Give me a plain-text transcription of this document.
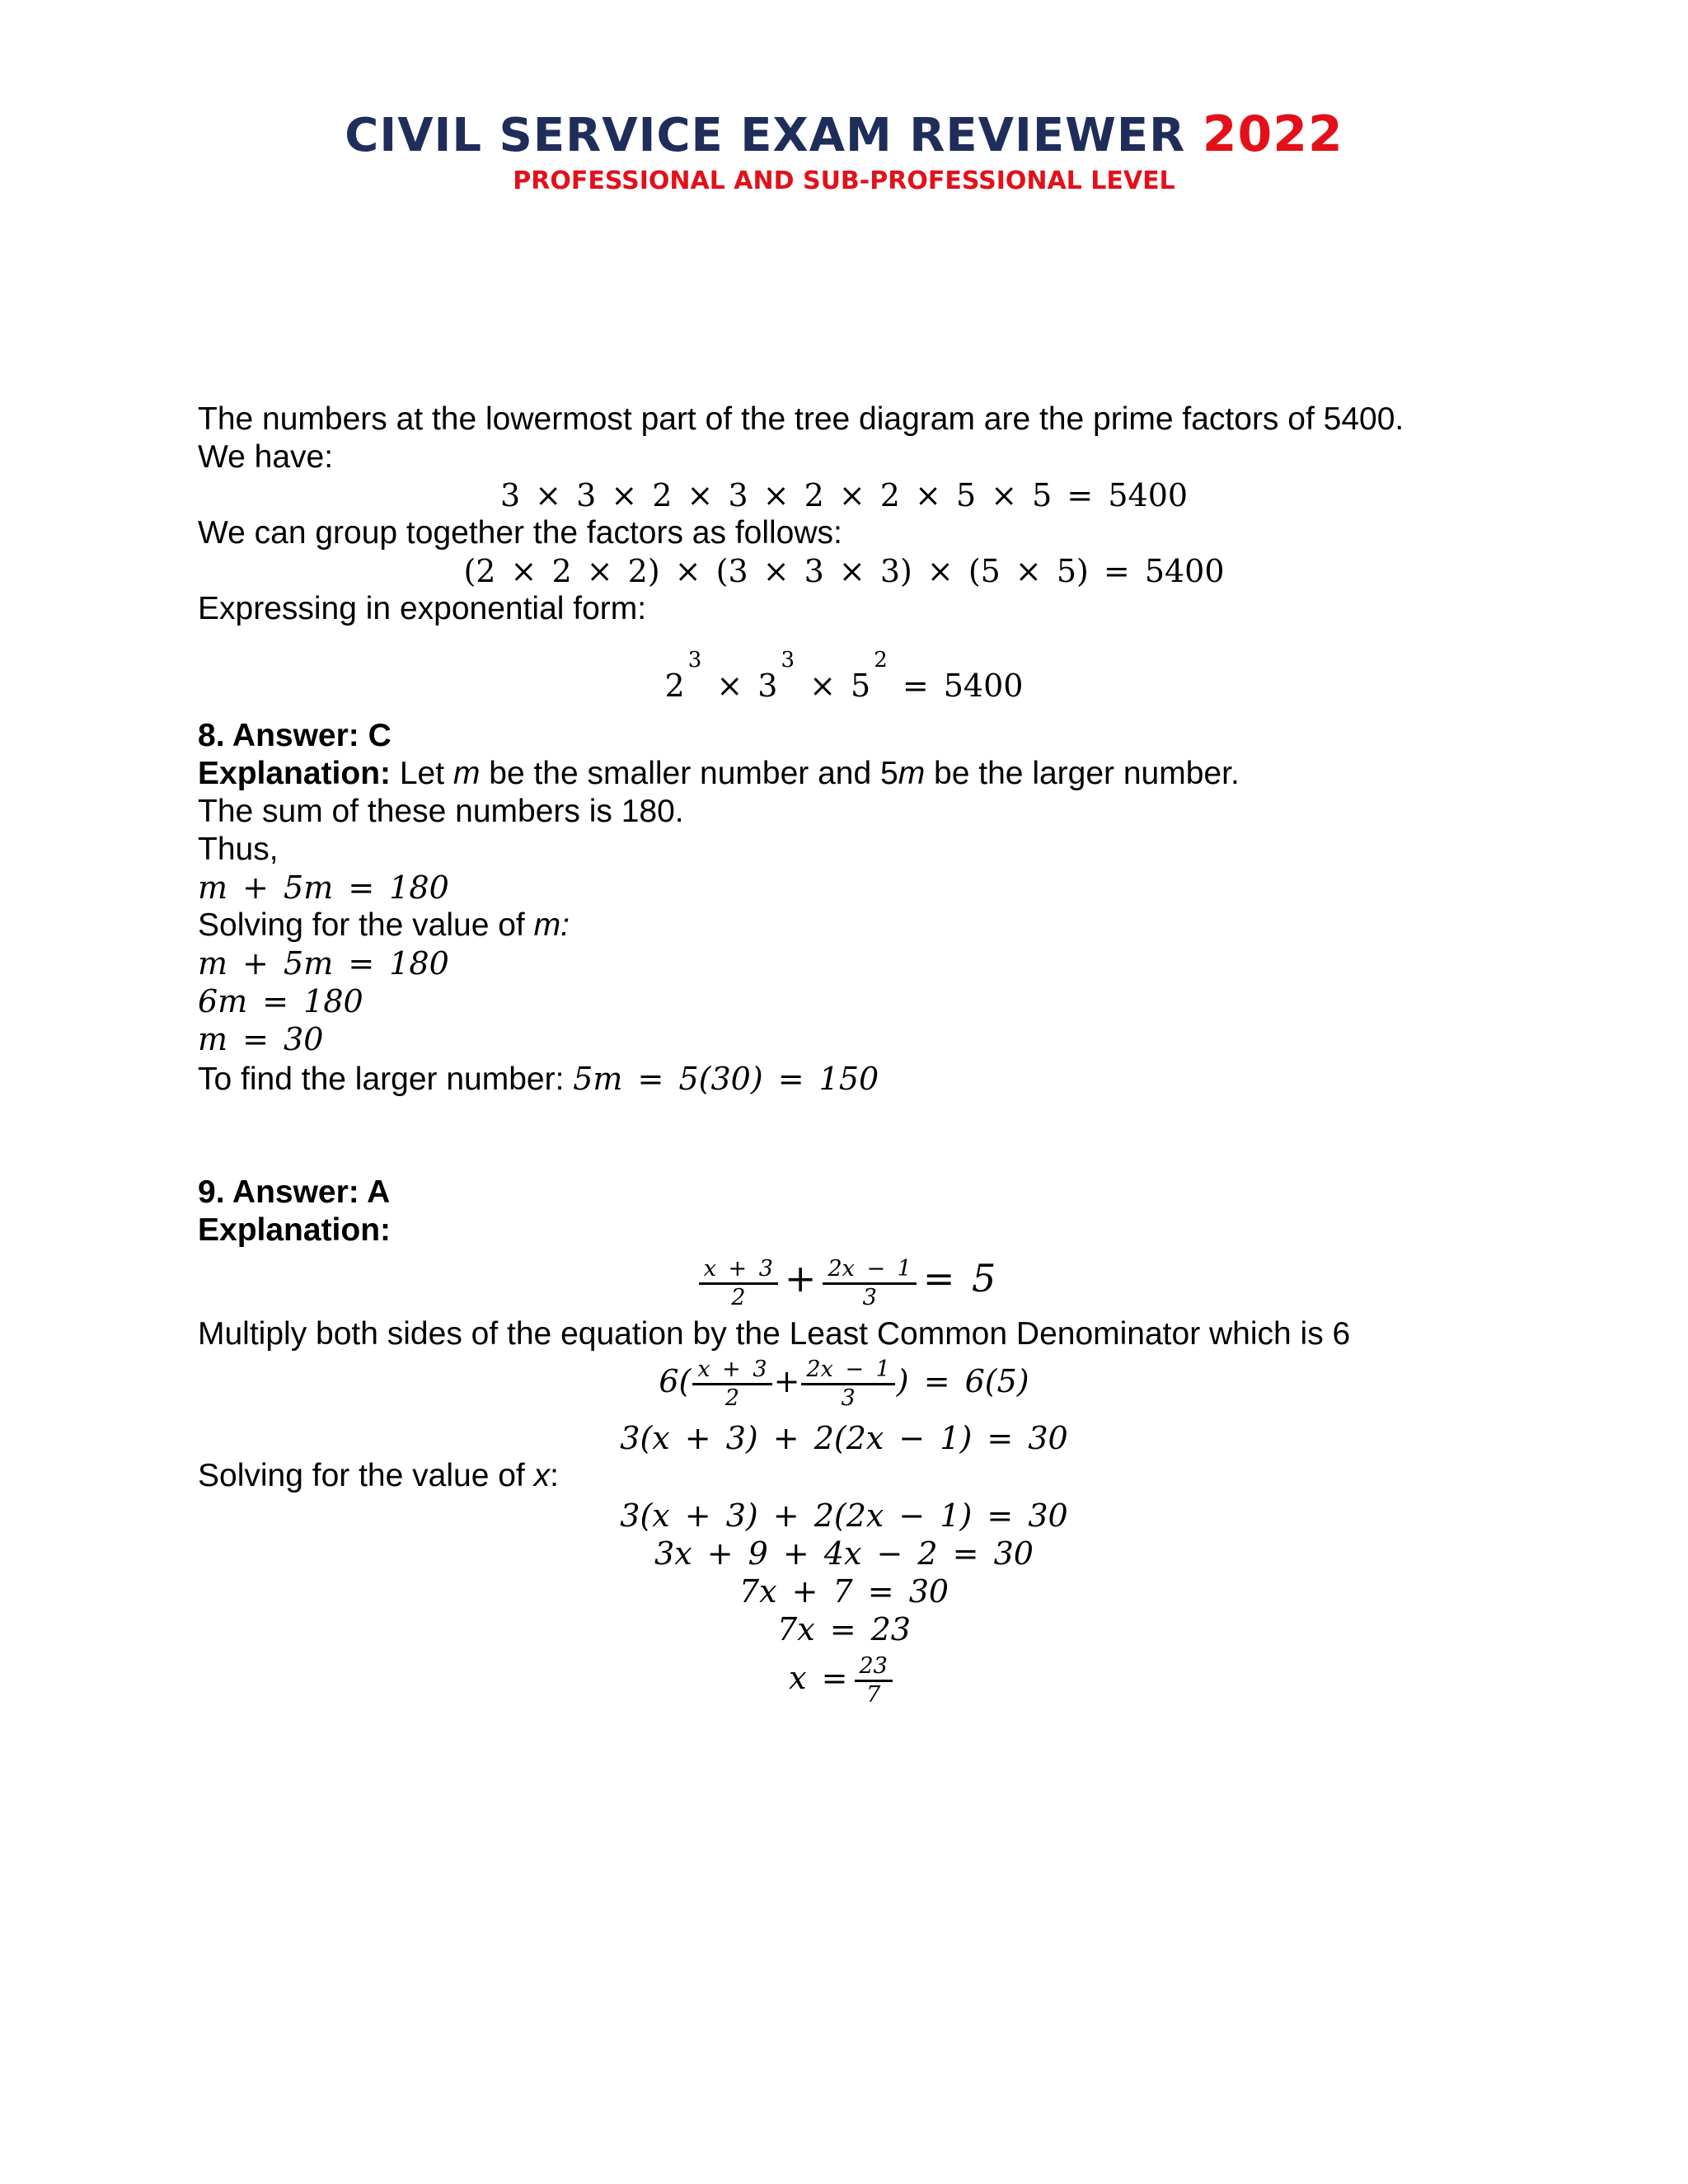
CIVIL SERVICE EXAM REVIEWER 2022
PROFESSIONAL AND SUB-PROFESSIONAL LEVEL
The numbers at the lowermost part of the tree diagram are the prime factors of 5400.
We have:
3 × 3 × 2 × 3 × 2 × 2 × 5 × 5 = 5400
We can group together the factors as follows:
(2 × 2 × 2) × (3 × 3 × 3) × (5 × 5) = 5400
Expressing in exponential form:
$2^3 \times 3^3 \times 5^2 = 5400$
8. Answer: C
Explanation: Let m be the smaller number and 5m be the larger number.
The sum of these numbers is 180.
Thus,
m + 5m = 180
Solving for the value of m:
m + 5m = 180
6m = 180
m = 30
To find the larger number: 5m = 5(30) = 150
9. Answer: A
Explanation:
$\frac{x + 3}{2} + \frac{2x - 1}{3} = 5$
Multiply both sides of the equation by the Least Common Denominator which is 6
$6( \frac{x + 3}{2} + \frac{2x - 1}{3}$ ) = 6(5)
3(x + 3) + 2(2x − 1) = 30
Solving for the value of x:
3(x + 3) + 2(2x − 1) = 30
3x + 9 + 4x − 2 = 30
7x + 7 = 30
7x = 23
$x = \frac{23}{7}$
